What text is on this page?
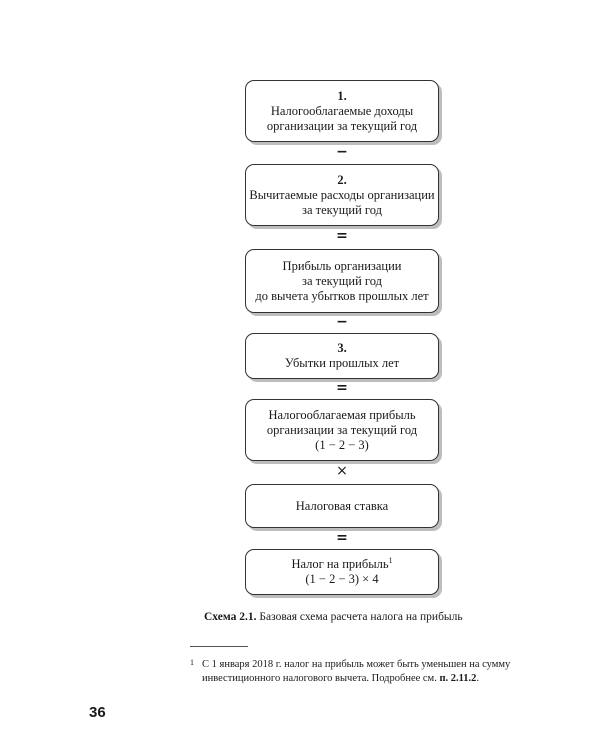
1.
Налогооблагаемые доходы
организации за текущий год
−
2.
Вычитаемые расходы организации
за текущий год
=
Прибыль организации
за текущий год
до вычета убытков прошлых лет
−
3.
Убытки прошлых лет
=
Налогооблагаемая прибыль
организации за текущий год
(1 − 2 − 3)
×
Налоговая ставка
=
Налог на прибыль$^1$
(1 − 2 − 3) × 4
Схема 2.1. Базовая схема расчета налога на прибыль
1 С 1 января 2018 г. налог на прибыль может быть уменьшен на сумму инвестиционного налогового вычета. Подробнее см. п. 2.11.2.
36
